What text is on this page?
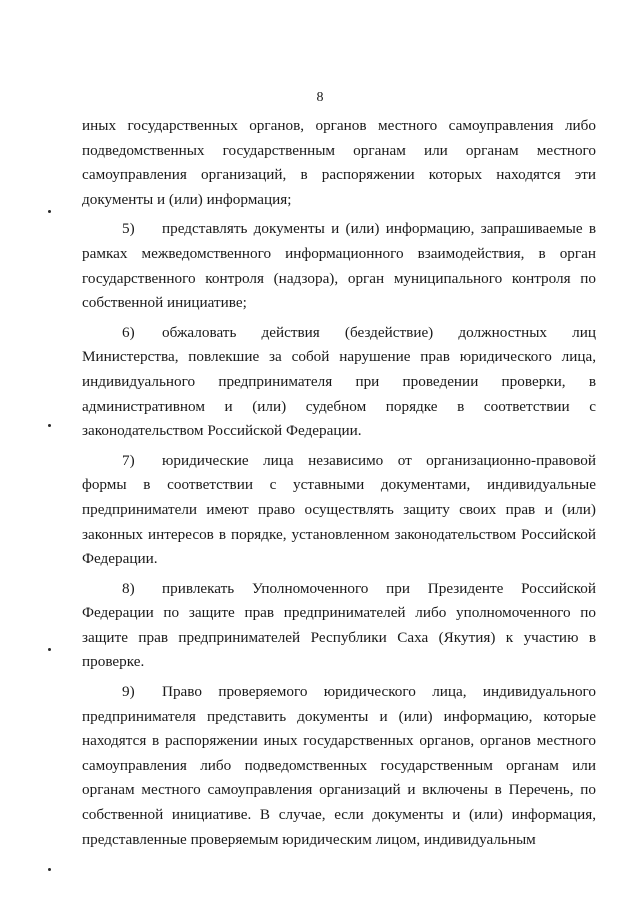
8

иных государственных органов, органов местного самоуправления либо подведомственных государственным органам или органам местного самоуправления организаций, в распоряжении которых находятся эти документы и (или) информация;

5) представлять документы и (или) информацию, запрашиваемые в рамках межведомственного информационного взаимодействия, в орган государственного контроля (надзора), орган муниципального контроля по собственной инициативе;

6) обжаловать действия (бездействие) должностных лиц Министерства, повлекшие за собой нарушение прав юридического лица, индивидуального предпринимателя при проведении проверки, в административном и (или) судебном порядке в соответствии с законодательством Российской Федерации.

7) юридические лица независимо от организационно-правовой формы в соответствии с уставными документами, индивидуальные предприниматели имеют право осуществлять защиту своих прав и (или) законных интересов в порядке, установленном законодательством Российской Федерации.

8) привлекать Уполномоченного при Президенте Российской Федерации по защите прав предпринимателей либо уполномоченного по защите прав предпринимателей Республики Саха (Якутия) к участию в проверке.

9) Право проверяемого юридического лица, индивидуального предпринимателя представить документы и (или) информацию, которые находятся в распоряжении иных государственных органов, органов местного самоуправления либо подведомственных государственным органам или органам местного самоуправления организаций и включены в Перечень, по собственной инициативе. В случае, если документы и (или) информация, представленные проверяемым юридическим лицом, индивидуальным
